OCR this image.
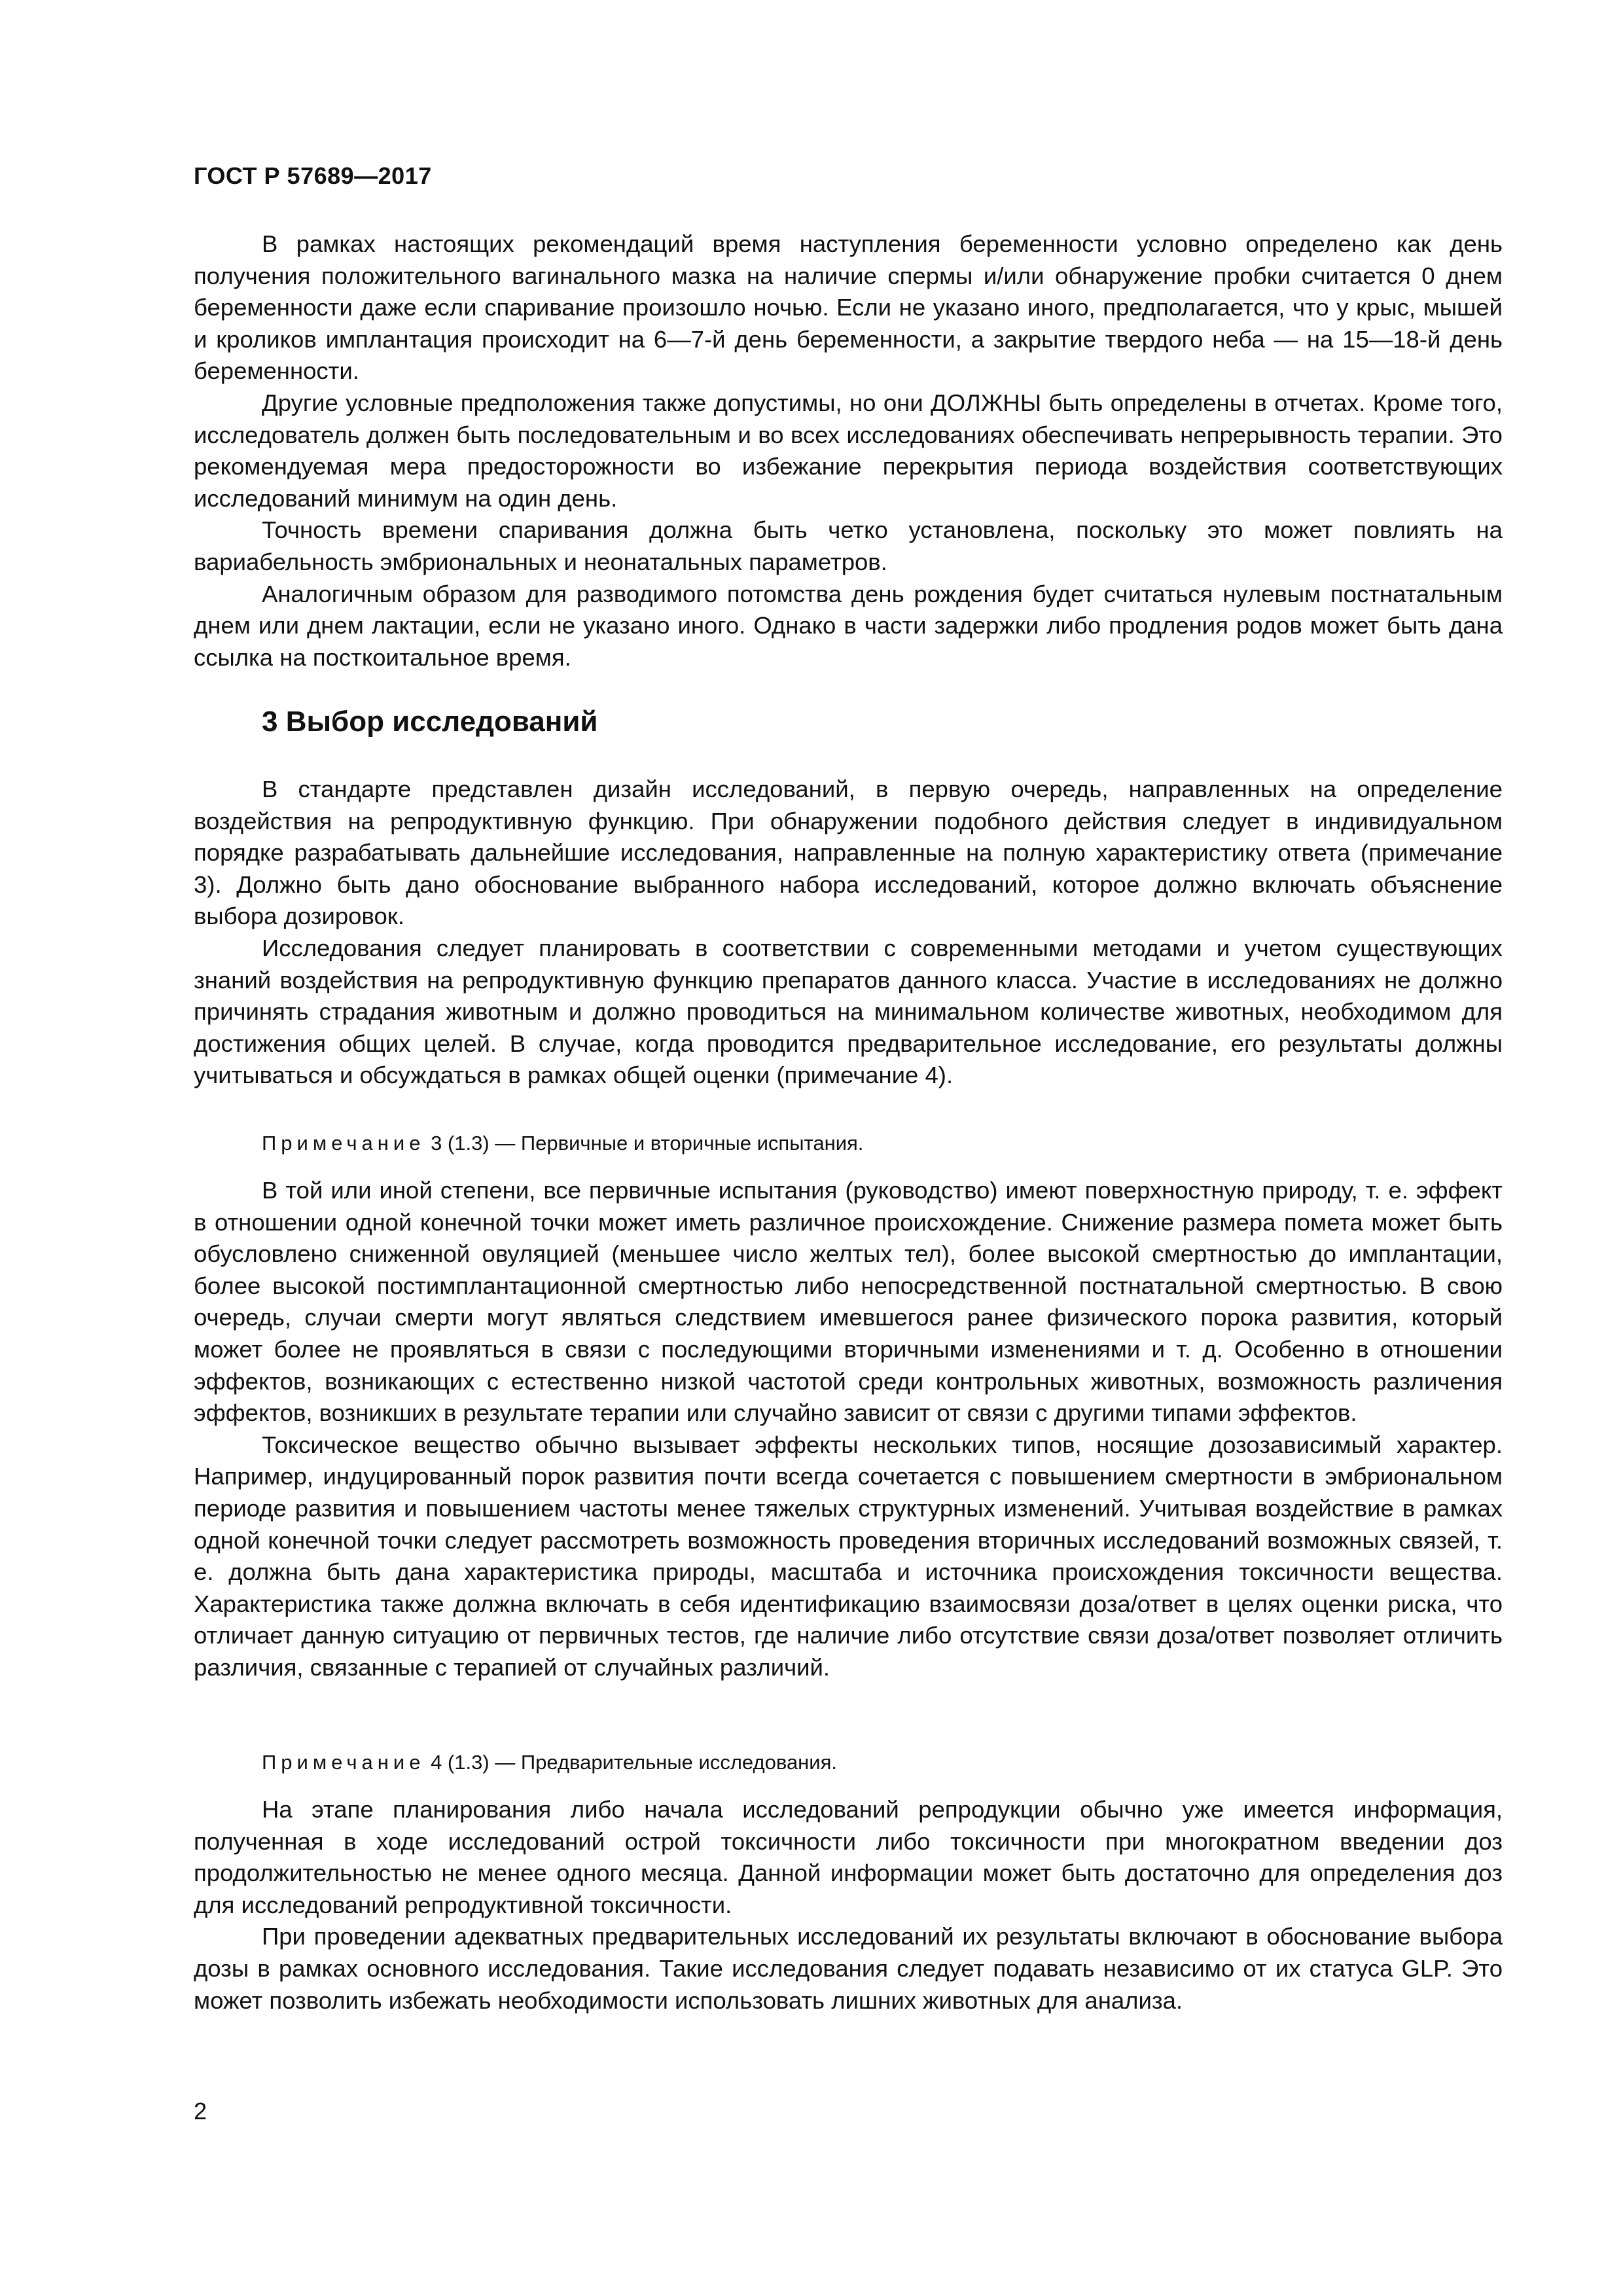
ГОСТ Р 57689—2017

В рамках настоящих рекомендаций время наступления беременности условно определено как день получения положительного вагинального мазка на наличие спермы и/или обнаружение пробки считается 0 днем беременности даже если спаривание произошло ночью. Если не указано иного, предполагается, что у крыс, мышей и кроликов имплантация происходит на 6—7-й день беременности, а закрытие твердого неба — на 15—18-й день беременности.

Другие условные предположения также допустимы, но они ДОЛЖНЫ быть определены в отчетах. Кроме того, исследователь должен быть последовательным и во всех исследованиях обеспечивать непрерывность терапии. Это рекомендуемая мера предосторожности во избежание перекрытия периода воздействия соответствующих исследований минимум на один день.

Точность времени спаривания должна быть четко установлена, поскольку это может повлиять на вариабельность эмбриональных и неонатальных параметров.

Аналогичным образом для разводимого потомства день рождения будет считаться нулевым постнатальным днем или днем лактации, если не указано иного. Однако в части задержки либо продления родов может быть дана ссылка на посткоитальное время.

3 Выбор исследований

В стандарте представлен дизайн исследований, в первую очередь, направленных на определение воздействия на репродуктивную функцию. При обнаружении подобного действия следует в индивидуальном порядке разрабатывать дальнейшие исследования, направленные на полную характеристику ответа (примечание 3). Должно быть дано обоснование выбранного набора исследований, которое должно включать объяснение выбора дозировок.

Исследования следует планировать в соответствии с современными методами и учетом существующих знаний воздействия на репродуктивную функцию препаратов данного класса. Участие в исследованиях не должно причинять страдания животным и должно проводиться на минимальном количестве животных, необходимом для достижения общих целей. В случае, когда проводится предварительное исследование, его результаты должны учитываться и обсуждаться в рамках общей оценки (примечание 4).

Примечание 3 (1.3) — Первичные и вторичные испытания.

В той или иной степени, все первичные испытания (руководство) имеют поверхностную природу, т. е. эффект в отношении одной конечной точки может иметь различное происхождение. Снижение размера помета может быть обусловлено сниженной овуляцией (меньшее число желтых тел), более высокой смертностью до имплантации, более высокой постимплантационной смертностью либо непосредственной постнатальной смертностью. В свою очередь, случаи смерти могут являться следствием имевшегося ранее физического порока развития, который может более не проявляться в связи с последующими вторичными изменениями и т. д. Особенно в отношении эффектов, возникающих с естественно низкой частотой среди контрольных животных, возможность различения эффектов, возникших в результате терапии или случайно зависит от связи с другими типами эффектов.

Токсическое вещество обычно вызывает эффекты нескольких типов, носящие дозозависимый характер. Например, индуцированный порок развития почти всегда сочетается с повышением смертности в эмбриональном периоде развития и повышением частоты менее тяжелых структурных изменений. Учитывая воздействие в рамках одной конечной точки следует рассмотреть возможность проведения вторичных исследований возможных связей, т. е. должна быть дана характеристика природы, масштаба и источника происхождения токсичности вещества. Характеристика также должна включать в себя идентификацию взаимосвязи доза/ответ в целях оценки риска, что отличает данную ситуацию от первичных тестов, где наличие либо отсутствие связи доза/ответ позволяет отличить различия, связанные с терапией от случайных различий.

Примечание 4 (1.3) — Предварительные исследования.

На этапе планирования либо начала исследований репродукции обычно уже имеется информация, полученная в ходе исследований острой токсичности либо токсичности при многократном введении доз продолжительностью не менее одного месяца. Данной информации может быть достаточно для определения доз для исследований репродуктивной токсичности.

При проведении адекватных предварительных исследований их результаты включают в обоснование выбора дозы в рамках основного исследования. Такие исследования следует подавать независимо от их статуса GLP. Это может позволить избежать необходимости использовать лишних животных для анализа.

2
